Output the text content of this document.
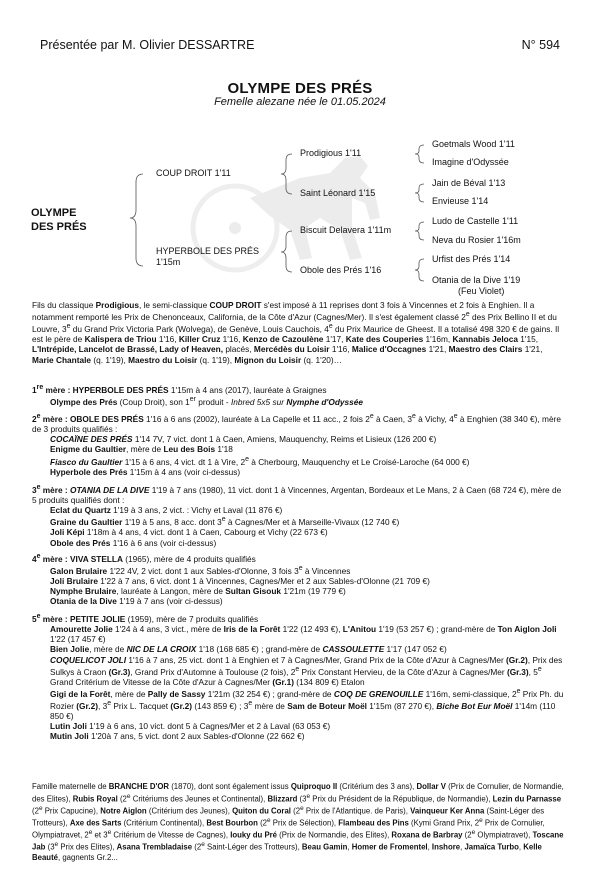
Présentée par M. Olivier DESSARTRE	N° 594
OLYMPE DES PRÉS
Femelle alezane née le 01.05.2024
OLYMPE
DES PRÉS
COUP DROIT 1'11
HYPERBOLE DES PRÉS
1'15m
Prodigious 1'11
Saint Léonard 1'15
Biscuit Delavera 1'11m
Obole des Prés 1'16
Goetmals Wood 1'11
Imagine d'Odyssée
Jain de Béval 1'13
Envieuse 1'14
Ludo de Castelle 1'11
Neva du Rosier 1'16m
Urfist des Prés 1'14
Otania de la Dive 1'19
(Feu Violet)
Fils du classique Prodigious, le semi-classique COUP DROIT s'est imposé à 11 reprises dont 3 fois à Vincennes et 2 fois à Enghien. Il a notamment remporté les Prix de Chenonceaux, California, de la Côte d'Azur (Cagnes/Mer). Il s'est également classé 2e des Prix Bellino II et du Louvre, 3e du Grand Prix Victoria Park (Wolvega), de Genève, Louis Cauchois, 4e du Prix Maurice de Gheest. Il a totalisé 498 320 € de gains. Il est le père de Kalispera de Triou 1'16, Killer Cruz 1'16, Kenzo de Cazoulène 1'17, Kate des Couperies 1'16m, Kannabis Jeloca 1'15, L'Intrépide, Lancelot de Brassé, Lady of Heaven, placés, Mercédès du Loisir 1'16, Malice d'Occagnes 1'21, Maestro des Clairs 1'21, Marie Chantale (q. 1'19), Maestro du Loisir (q. 1'19), Mignon du Loisir (q. 1'20)…

1re mère : HYPERBOLE DES PRÉS 1'15m à 4 ans (2017), lauréate à Graignes

Olympe des Prés (Coup Droit), son 1er produit - Inbred 5x5 sur Nymphe d'Odyssée

2e mère : OBOLE DES PRÉS 1'16 à 6 ans (2002), lauréate à La Capelle et 11 acc., 2 fois 2e à Caen, 3e à Vichy, 4e à Enghien (38 340 €), mère de 3 produits qualifiés :

COCAÏNE DES PRÉS 1'14 7V, 7 vict. dont 1 à Caen, Amiens, Mauquenchy, Reims et Lisieux (126 200 €)

Enigme du Gaultier, mère de Leu des Bois 1'18

Fiasco du Gaultier 1'15 à 6 ans, 4 vict. dt 1 à Vire, 2e à Cherbourg, Mauquenchy et Le Croisé-Laroche (64 000 €)

Hyperbole des Prés 1'15m à 4 ans (voir ci-dessus)

3e mère : OTANIA DE LA DIVE 1'19 à 7 ans (1980), 11 vict. dont 1 à Vincennes, Argentan, Bordeaux et Le Mans, 2 à Caen (68 724 €), mère de 5 produits qualifiés dont :

Eclat du Quartz 1'19 à 3 ans, 2 vict. : Vichy et Laval (11 876 €)

Graine du Gaultier 1'19 à 5 ans, 8 acc. dont 3e à Cagnes/Mer et à Marseille-Vivaux (12 740 €)

Joli Képi 1'18m à 4 ans, 4 vict. dont 1 à Caen, Cabourg et Vichy (22 673 €)

Obole des Prés 1'16 à 6 ans (voir ci-dessus)

4e mère : VIVA STELLA (1965), mère de 4 produits qualifiés

Galon Brulaire 1'22 4V, 2 vict. dont 1 aux Sables-d'Olonne, 3 fois 3e à Vincennes

Joli Brulaire 1'22 à 7 ans, 6 vict. dont 1 à Vincennes, Cagnes/Mer et 2 aux Sables-d'Olonne (21 709 €)

Nymphe Brulaire, lauréate à Langon, mère de Sultan Gisouk 1'21m (19 779 €)

Otania de la Dive 1'19 à 7 ans (voir ci-dessus)

5e mère : PETITE JOLIE (1959), mère de 7 produits qualifiés

Amourette Jolie 1'24 à 4 ans, 3 vict., mère de Iris de la Forêt 1'22 (12 493 €), L'Anitou 1'19 (53 257 €) ; grand-mère de Ton Aiglon Joli 1'22 (17 457 €)

Bien Jolie, mère de NIC DE LA CROIX 1'18 (168 685 €) ; grand-mère de CASSOULETTE 1'17 (147 052 €)

COQUELICOT JOLI 1'16 à 7 ans, 25 vict. dont 1 à Enghien et 7 à Cagnes/Mer, Grand Prix de la Côte d'Azur à Cagnes/Mer (Gr.2), Prix des Sulkys à Craon (Gr.3), Grand Prix d'Automne à Toulouse (2 fois), 2e Prix Constant Hervieu, de la Côte d'Azur à Cagnes/Mer (Gr.3), 5e Grand Critérium de Vitesse de la Côte d'Azur à Cagnes/Mer (Gr.1) (134 809 €) Etalon

Gigi de la Forêt, mère de Pally de Sassy 1'21m (32 254 €) ; grand-mère de COQ DE GRENOUILLE 1'16m, semi-classique, 2e Prix Ph. du Rozier (Gr.2), 3e Prix L. Tacquet (Gr.2) (143 859 €) ; 3e mère de Sam de Boteur Moël 1'15m (87 270 €), Biche Bot Eur Moël 1'14m (110 850 €)

Lutin Joli 1'19 à 6 ans, 10 vict. dont 5 à Cagnes/Mer et 2 à Laval (63 053 €)

Mutin Joli 1'20à 7 ans, 5 vict. dont 2 aux Sables-d'Olonne (22 662 €)

Famille maternelle de BRANCHE D'OR (1870), dont sont également issus Quiproquo II (Critérium des 3 ans), Dollar V (Prix de Cornulier, de Normandie, des Elites), Rubis Royal (2e Critériums des Jeunes et Continental), Blizzard (3e Prix du Président de la République, de Normandie), Lezin du Parnasse (2e Prix Capucine), Notre Aiglon (Critérium des Jeunes), Quiton du Coral (2e Prix de l'Atlantique. de Paris), Vainqueur Ker Anna (Saint-Léger des Trotteurs), Axe des Sarts (Critérium Continental), Best Bourbon (2e Prix de Sélection), Flambeau des Pins (Kymi Grand Prix, 2e Prix de Cornulier, Olympiatravet, 2e et 3e Critérium de Vitesse de Cagnes), Iouky du Pré (Prix de Normandie, des Elites), Roxana de Barbray (2e Olympiatravet), Toscane Jab (3e Prix des Elites), Asana Trembladaise (2e Saint-Léger des Trotteurs), Beau Gamin, Homer de Fromentel, Inshore, Jamaïca Turbo, Kelle Beauté, gagnents Gr.2...
